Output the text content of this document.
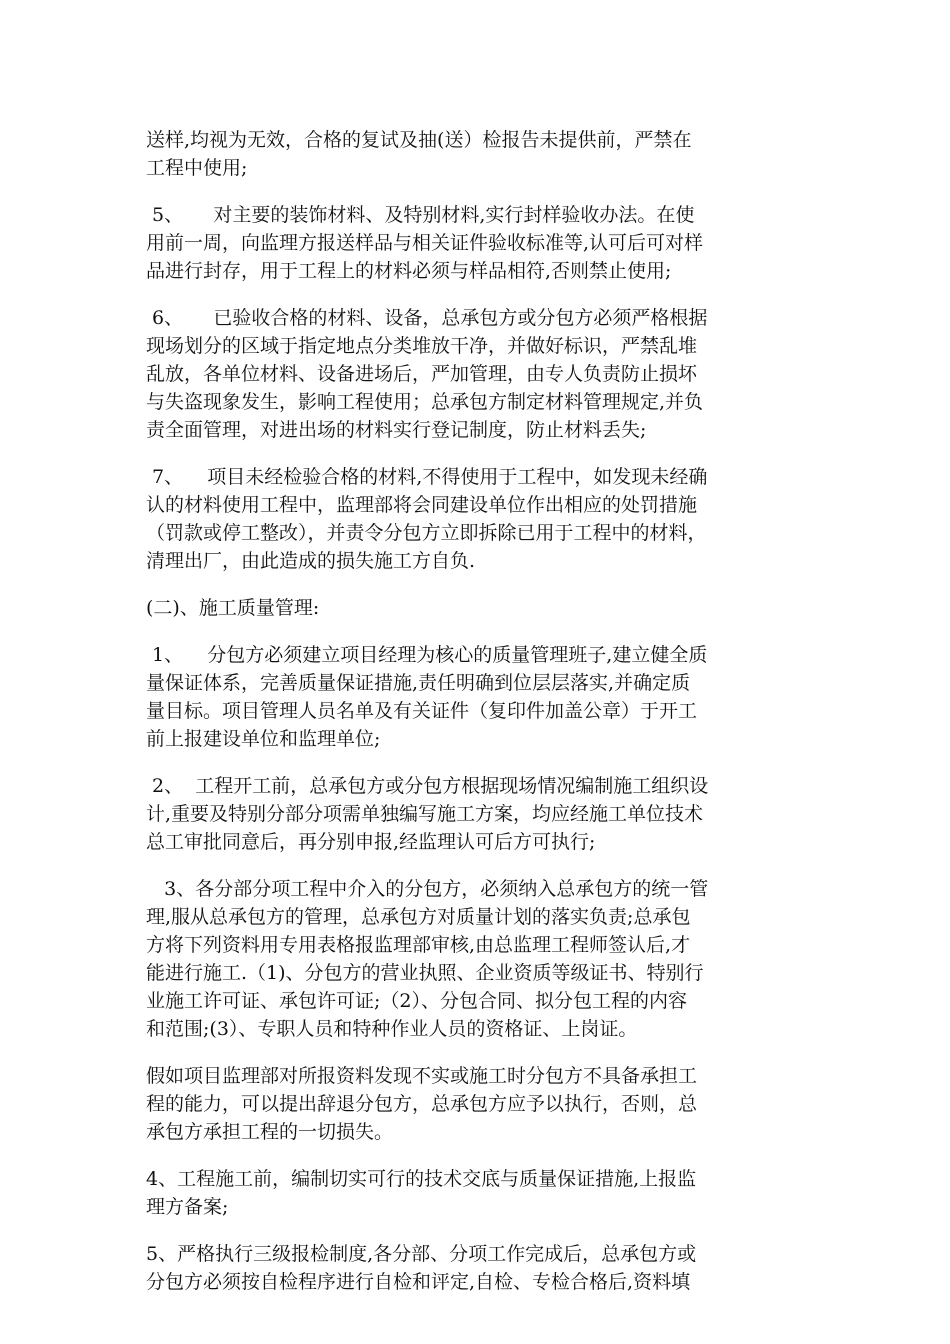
送样,均视为无效，合格的复试及抽(送）检报告未提供前，严禁在
工程中使用;

5、     对主要的装饰材料、及特别材料,实行封样验收办法。在使
用前一周，向监理方报送样品与相关证件验收标准等,认可后可对样
品进行封存，用于工程上的材料必须与样品相符,否则禁止使用;

6、     已验收合格的材料、设备，总承包方或分包方必须严格根据
现场划分的区域于指定地点分类堆放干净，并做好标识，严禁乱堆
乱放，各单位材料、设备进场后，严加管理，由专人负责防止损坏
与失盗现象发生，影响工程使用；总承包方制定材料管理规定,并负
责全面管理，对进出场的材料实行登记制度，防止材料丢失;

7、    项目未经检验合格的材料,不得使用于工程中，如发现未经确
认的材料使用工程中，监理部将会同建设单位作出相应的处罚措施
（罚款或停工整改），并责令分包方立即拆除已用于工程中的材料，
清理出厂，由此造成的损失施工方自负.

(二)、施工质量管理:

1、    分包方必须建立项目经理为核心的质量管理班子,建立健全质
量保证体系，完善质量保证措施,责任明确到位层层落实,并确定质
量目标。项目管理人员名单及有关证件（复印件加盖公章）于开工
前上报建设单位和监理单位;

2、  工程开工前，总承包方或分包方根据现场情况编制施工组织设
计,重要及特别分部分项需单独编写施工方案，均应经施工单位技术
总工审批同意后，再分别申报,经监理认可后方可执行;

3、各分部分项工程中介入的分包方，必须纳入总承包方的统一管
理,服从总承包方的管理，总承包方对质量计划的落实负责;总承包
方将下列资料用专用表格报监理部审核,由总监理工程师签认后,才
能进行施工.（1)、分包方的营业执照、企业资质等级证书、特别行
业施工许可证、承包许可证;（2）、分包合同、拟分包工程的内容
和范围;(3）、专职人员和特种作业人员的资格证、上岗证。

假如项目监理部对所报资料发现不实或施工时分包方不具备承担工
程的能力，可以提出辞退分包方，总承包方应予以执行，否则，总
承包方承担工程的一切损失。

4、工程施工前，编制切实可行的技术交底与质量保证措施,上报监
理方备案;

5、严格执行三级报检制度,各分部、分项工作完成后，总承包方或
分包方必须按自检程序进行自检和评定,自检、专检合格后,资料填
